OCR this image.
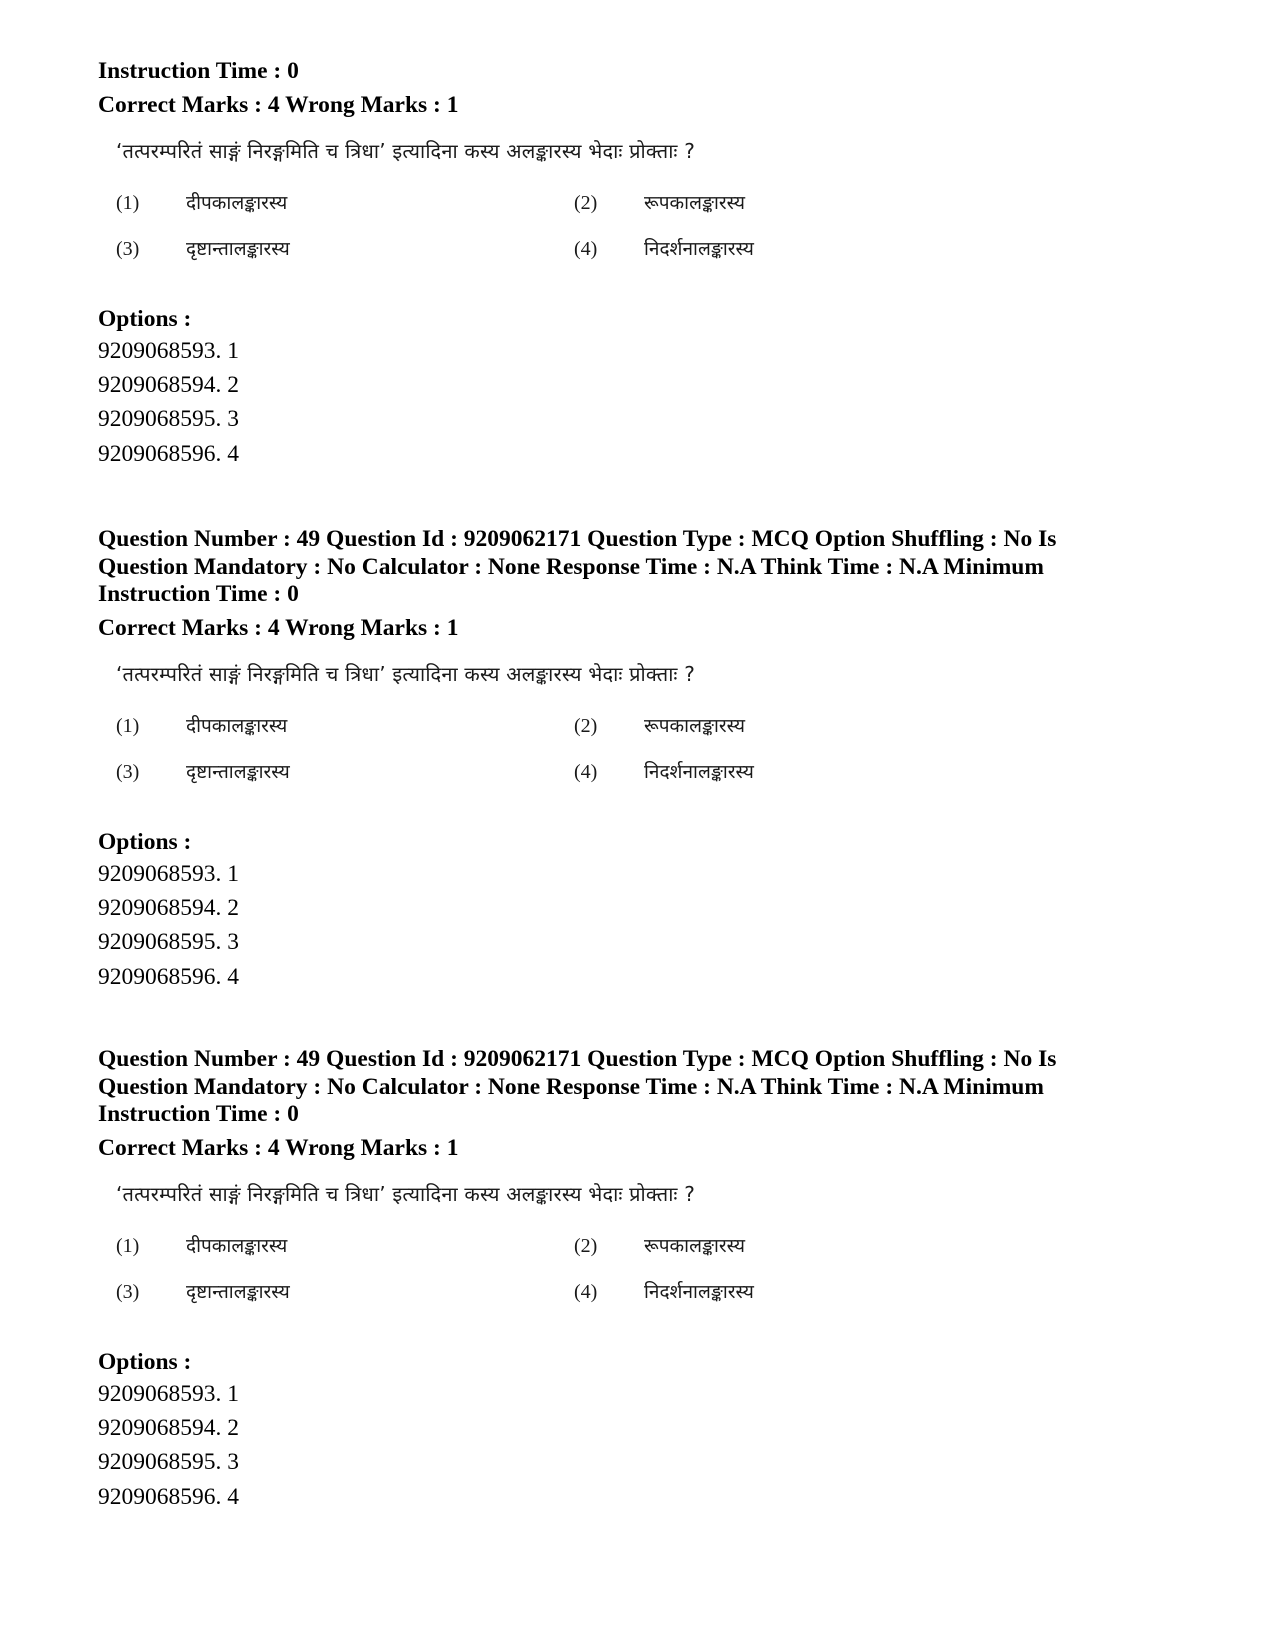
Instruction Time : 0

Correct Marks : 4 Wrong Marks : 1

‘तत्परम्परितं साङ्गं निरङ्गमिति च त्रिधा’ इत्यादिना कस्य अलङ्कारस्य भेदाः प्रोक्ताः ?
(1) दीपकालङ्कारस्य	(2) रूपकालङ्कारस्य
(3) दृष्टान्तालङ्कारस्य	(4) निदर्शनालङ्कारस्य
Options :

9209068593. 1

9209068594. 2

9209068595. 3

9209068596. 4

Question Number : 49 Question Id : 9209062171 Question Type : MCQ Option Shuffling : No Is

Question Mandatory : No Calculator : None Response Time : N.A Think Time : N.A Minimum

Instruction Time : 0

Correct Marks : 4 Wrong Marks : 1

‘तत्परम्परितं साङ्गं निरङ्गमिति च त्रिधा’ इत्यादिना कस्य अलङ्कारस्य भेदाः प्रोक्ताः ?
(1) दीपकालङ्कारस्य	(2) रूपकालङ्कारस्य
(3) दृष्टान्तालङ्कारस्य	(4) निदर्शनालङ्कारस्य
Options :

9209068593. 1

9209068594. 2

9209068595. 3

9209068596. 4

Question Number : 49 Question Id : 9209062171 Question Type : MCQ Option Shuffling : No Is

Question Mandatory : No Calculator : None Response Time : N.A Think Time : N.A Minimum

Instruction Time : 0

Correct Marks : 4 Wrong Marks : 1

‘तत्परम्परितं साङ्गं निरङ्गमिति च त्रिधा’ इत्यादिना कस्य अलङ्कारस्य भेदाः प्रोक्ताः ?
(1) दीपकालङ्कारस्य	(2) रूपकालङ्कारस्य
(3) दृष्टान्तालङ्कारस्य	(4) निदर्शनालङ्कारस्य
Options :

9209068593. 1

9209068594. 2

9209068595. 3

9209068596. 4
